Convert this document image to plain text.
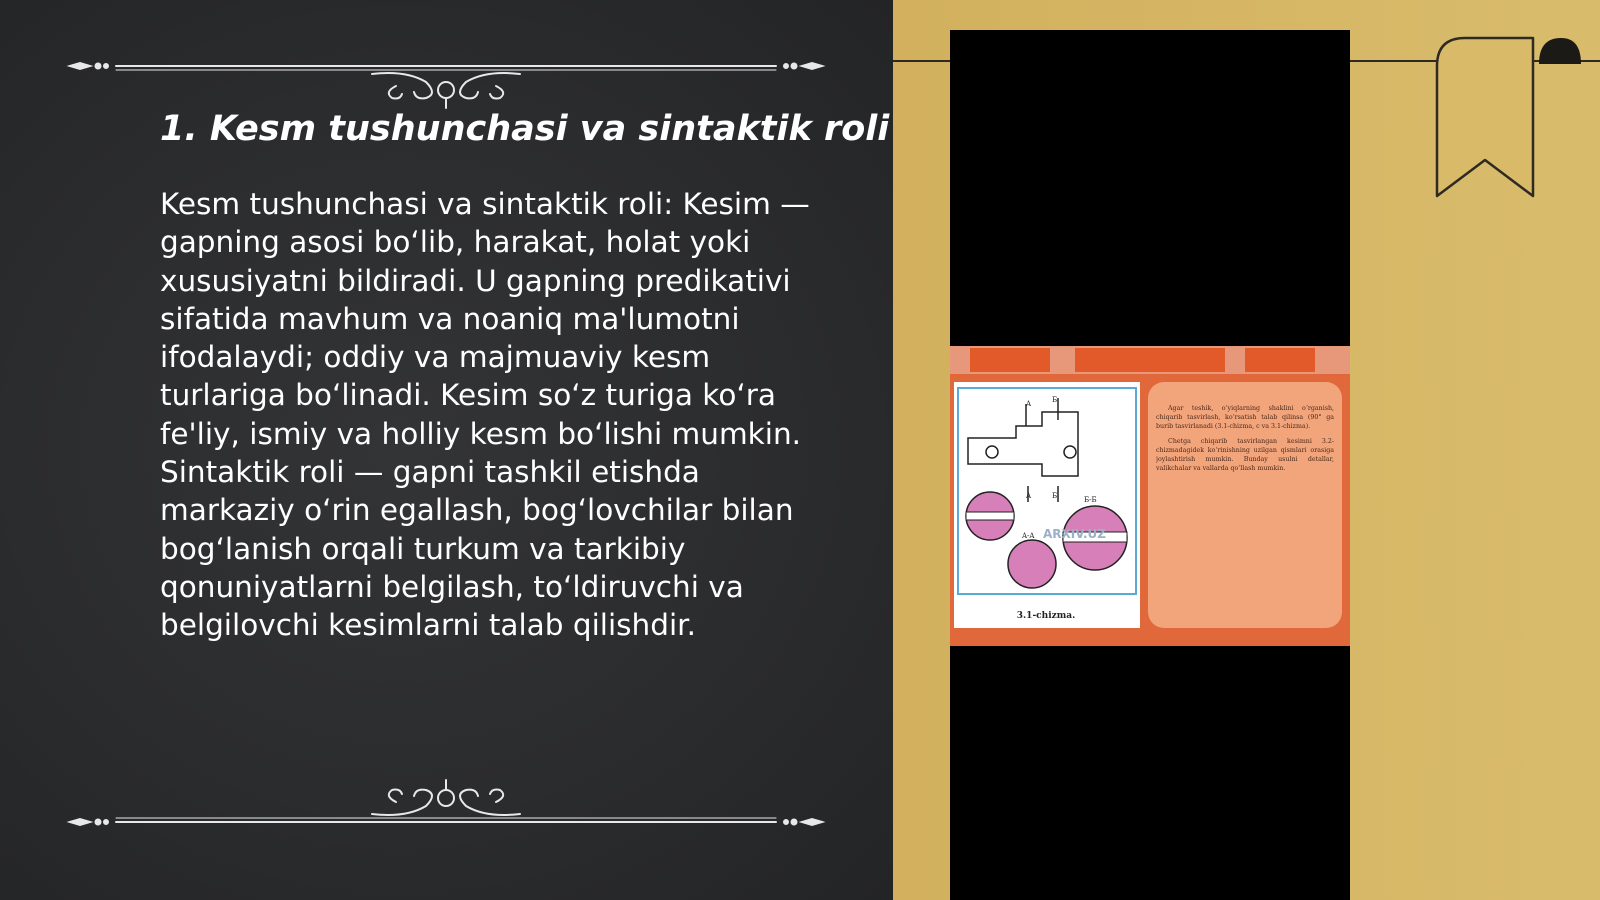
1. Kesm tushunchasi va sintaktik roli

Kesm tushunchasi va sintaktik roli: Kesim — gapning asosi bo‘lib, harakat, holat yoki xususiyatni bildiradi. U gapning predikativi sifatida mavhum va noaniq ma'lumotni ifodalaydi; oddiy va majmuaviy kesm turlariga bo‘linadi. Kesim so‘z turiga ko‘ra fe'liy, ismiy va holliy kesm bo‘lishi mumkin. Sintaktik roli — gapni tashkil etishda markaziy o‘rin egallash, bog‘lovchilar bilan bog‘lanish orqali turkum va tarkibiy qonuniyatlarni belgilash, to‘ldiruvchi va belgilovchi kesimlarni talab qilishdir.

ARXIV.UZ
A
A
Б
Б
A-A
Б-Б
3.1-chizma.

Agar teshik, o‘yiqlarning shaklini o‘rganish, chiqarib tasvirlash, ko‘rsatish talab qilinsa (90° ga burib tasvirlanadi (3.1-chizma, c va 3.1-chizma).

Chetga chiqarib tasvirlangan kesimni 3.2-chizmadagidek ko‘rinishning uzilgan qismlari orasiga joylashtirish mumkin. Bunday usulni detallar, valikchalar va vallarda qo‘llash mumkin.
